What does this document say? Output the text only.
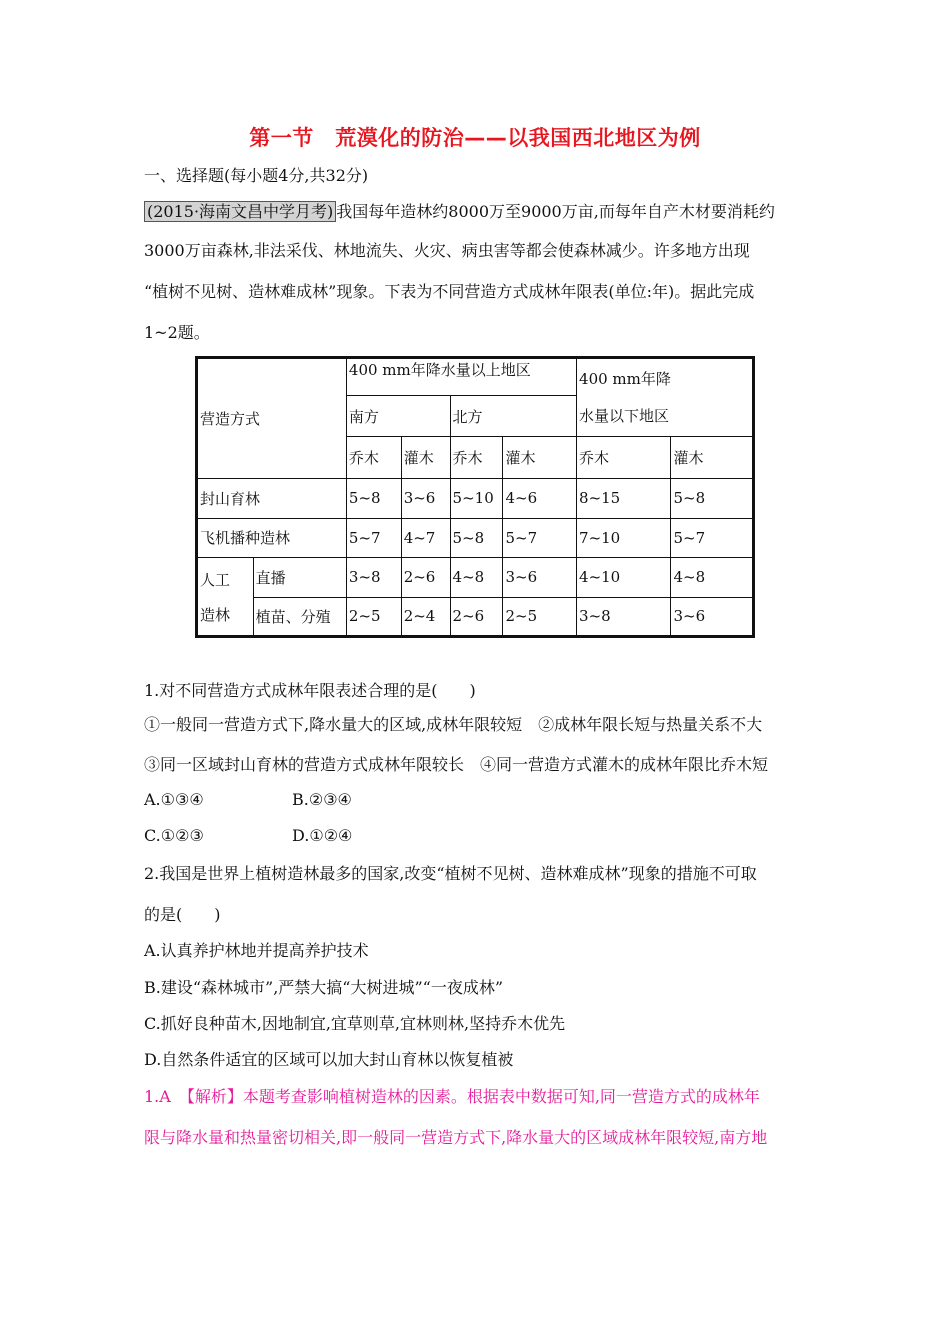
第一节　荒漠化的防治——以我国西北地区为例
一、选择题(每小题4分,共32分)
(2015·海南文昌中学月考) 我国每年造林约8000万至9000万亩,而每年自产木材要消耗约
3000万亩森林,非法采伐、林地流失、火灾、病虫害等都会使森林减少。许多地方出现
“植树不见树、造林难成林”现象。下表为不同营造方式成林年限表(单位:年)。据此完成
1~2题。
营造方式		400 mm年降水量以上地区				400 mm年降
水量以下地区	

		南方		北方			
		乔木	灌木	乔木	灌木	乔木	灌木
封山育林		5~8	3~6	5~10	4~6	8~15	5~8
飞机播种造林		5~7	4~7	5~8	5~7	7~10	5~7

人工
造林	直播	3~8	2~6	4~8	3~6	4~10	4~8
	植苗、分殖	2~5	2~4	2~6	2~5	3~8	3~6
1.对不同营造方式成林年限表述合理的是(　　)
①一般同一营造方式下,降水量大的区域,成林年限较短　②成林年限长短与热量关系不大
③同一区域封山育林的营造方式成林年限较长　④同一营造方式灌木的成林年限比乔木短
A.①③④	B.②③④
C.①②③	D.①②④
2.我国是世界上植树造林最多的国家,改变“植树不见树、造林难成林”现象的措施不可取
的是(　　)
A.认真养护林地并提高养护技术
B.建设“森林城市”,严禁大搞“大树进城”“一夜成林”
C.抓好良种苗木,因地制宜,宜草则草,宜林则林,坚持乔木优先
D.自然条件适宜的区域可以加大封山育林以恢复植被
1.A　【解析】本题考查影响植树造林的因素。根据表中数据可知,同一营造方式的成林年
限与降水量和热量密切相关,即一般同一营造方式下,降水量大的区域成林年限较短,南方地
